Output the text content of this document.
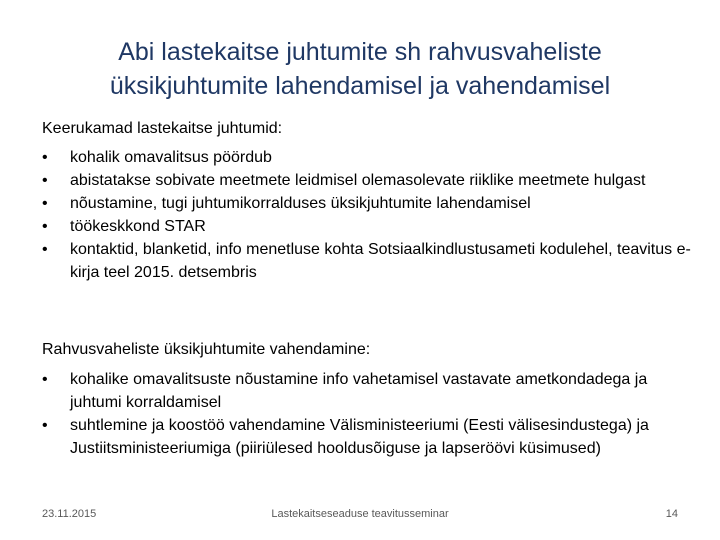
Abi lastekaitse juhtumite sh rahvusvaheliste
üksikjuhtumite lahendamisel ja vahendamisel
Keerukamad lastekaitse juhtumid:
•	kohalik omavalitsus pöördub
•	abistatakse sobivate meetmete leidmisel olemasolevate riiklike meetmete hulgast
•	nõustamine, tugi juhtumikorralduses üksikjuhtumite lahendamisel
•	töökeskkond STAR
•	kontaktid, blanketid, info menetluse kohta Sotsiaalkindlustusameti kodulehel, teavitus e-kirja teel 2015. detsembris
Rahvusvaheliste üksikjuhtumite vahendamine:
•	kohalike omavalitsuste nõustamine info vahetamisel vastavate ametkondadega ja juhtumi korraldamisel
•	suhtlemine ja koostöö vahendamine Välisministeeriumi (Eesti välisesindustega) ja Justiitsministeeriumiga (piiriülesed hooldusõiguse ja lapseröövi küsimused)
23.11.2015	Lastekaitseseaduse teavitusseminar	14
